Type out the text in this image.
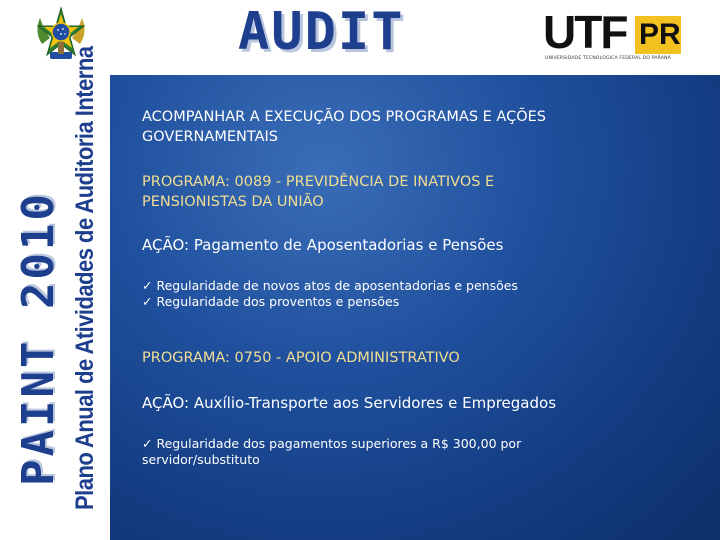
AUDIT	UTF PR
UNIVERSIDADE TECNOLÓGICA FEDERAL DO PARANÁ
PAINT 2010 Plano Anual de Atividades de Auditoria Interna	ACOMPANHAR A EXECUÇÃO DOS PROGRAMAS E AÇÕES
GOVERNAMENTAIS
PROGRAMA: 0089 - PREVIDÊNCIA DE INATIVOS E
PENSIONISTAS DA UNIÃO
AÇÃO: Pagamento de Aposentadorias e Pensões
✓ Regularidade de novos atos de aposentadorias e pensões
✓ Regularidade dos proventos e pensões
PROGRAMA: 0750 - APOIO ADMINISTRATIVO
AÇÃO: Auxílio-Transporte aos Servidores e Empregados
✓ Regularidade dos pagamentos superiores a R$ 300,00 por
servidor/substituto
